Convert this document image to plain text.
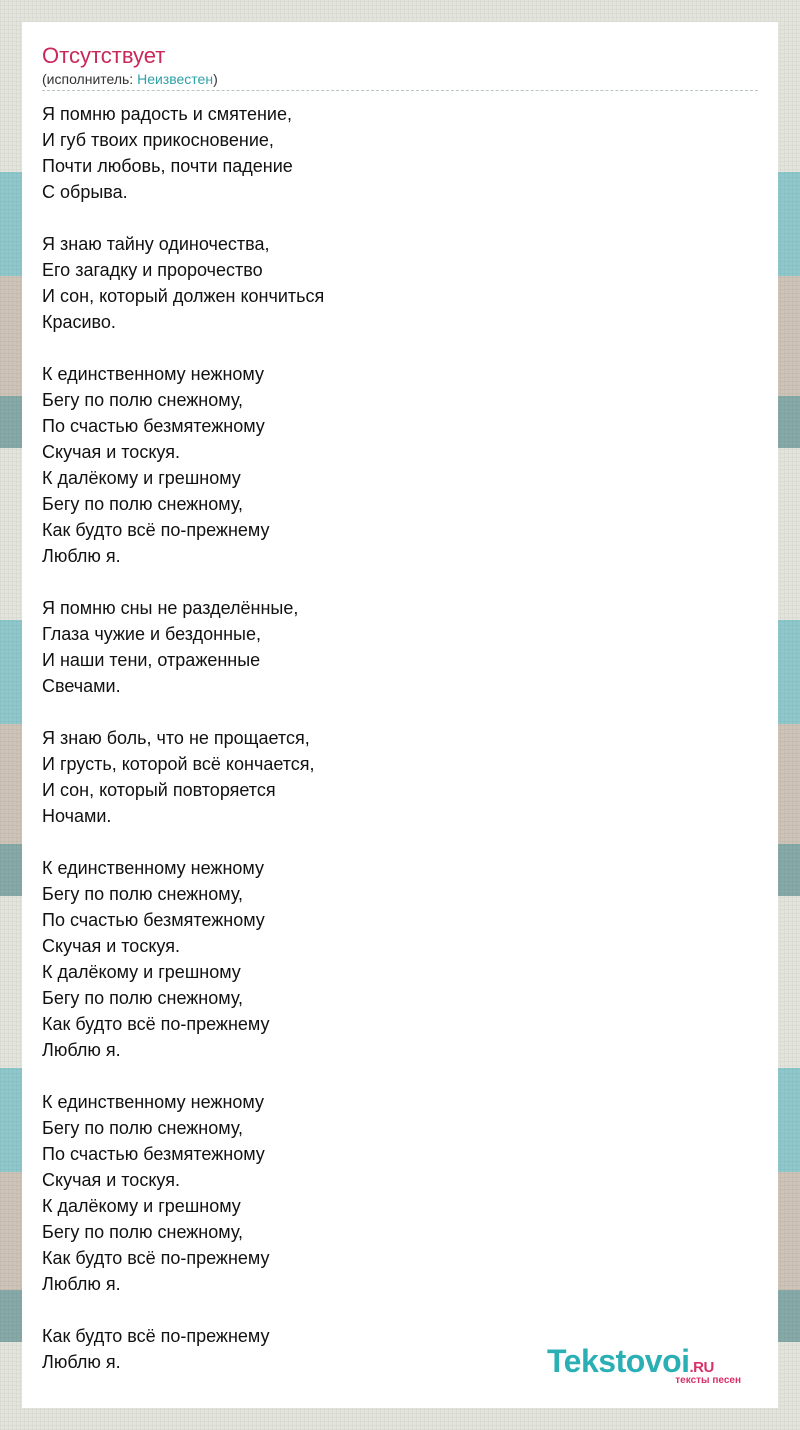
Отсутствует
(исполнитель: Неизвестен)
Я помню радость и смятение,
И губ твоих прикосновение,
Почти любовь, почти падение
С обрыва.
Я знаю тайну одиночества,
Его загадку и пророчество
И сон, который должен кончиться
Красиво.
К единственному нежному
Бегу по полю снежному,
По счастью безмятежному
Скучая и тоскуя.
К далёкому и грешному
Бегу по полю снежному,
Как будто всё по-прежнему
Люблю я.
Я помню сны не разделённые,
Глаза чужие и бездонные,
И наши тени, отраженные
Свечами.
Я знаю боль, что не прощается,
И грусть, которой всё кончается,
И сон, который повторяется
Ночами.
К единственному нежному
Бегу по полю снежному,
По счастью безмятежному
Скучая и тоскуя.
К далёкому и грешному
Бегу по полю снежному,
Как будто всё по-прежнему
Люблю я.
К единственному нежному
Бегу по полю снежному,
По счастью безмятежному
Скучая и тоскуя.
К далёкому и грешному
Бегу по полю снежному,
Как будто всё по-прежнему
Люблю я.
Как будто всё по-прежнему
Люблю я.	Tekstovoi.RU
тексты песен
